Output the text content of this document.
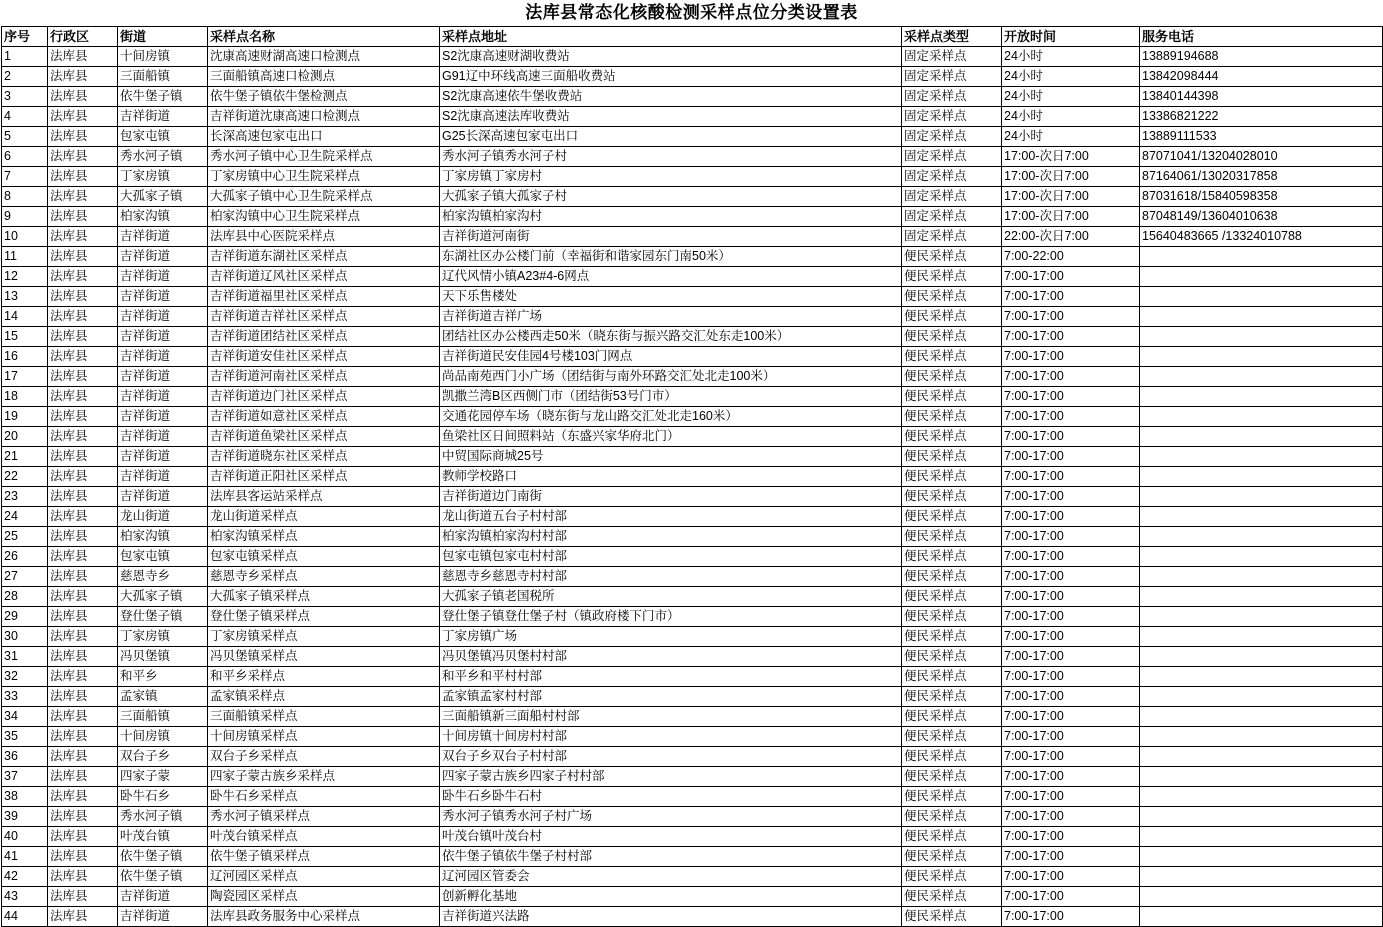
法库县常态化核酸检测采样点位分类设置表
序号	行政区	街道	采样点名称	采样点地址	采样点类型	开放时间	服务电话
1	法库县	十间房镇	沈康高速财湖高速口检测点	S2沈康高速财湖收费站	固定采样点	24小时	13889194688
2	法库县	三面船镇	三面船镇高速口检测点	G91辽中环线高速三面船收费站	固定采样点	24小时	13842098444
3	法库县	依牛堡子镇	依牛堡子镇依牛堡检测点	S2沈康高速依牛堡收费站	固定采样点	24小时	13840144398
4	法库县	吉祥街道	吉祥街道沈康高速口检测点	S2沈康高速法库收费站	固定采样点	24小时	13386821222
5	法库县	包家屯镇	长深高速包家屯出口	G25长深高速包家屯出口	固定采样点	24小时	13889111533
6	法库县	秀水河子镇	秀水河子镇中心卫生院采样点	秀水河子镇秀水河子村	固定采样点	17:00-次日7:00	87071041/13204028010
7	法库县	丁家房镇	丁家房镇中心卫生院采样点	丁家房镇丁家房村	固定采样点	17:00-次日7:00	87164061/13020317858
8	法库县	大孤家子镇	大孤家子镇中心卫生院采样点	大孤家子镇大孤家子村	固定采样点	17:00-次日7:00	87031618/15840598358
9	法库县	柏家沟镇	柏家沟镇中心卫生院采样点	柏家沟镇柏家沟村	固定采样点	17:00-次日7:00	87048149/13604010638
10	法库县	吉祥街道	法库县中心医院采样点	吉祥街道河南街	固定采样点	22:00-次日7:00	15640483665 /13324010788
11	法库县	吉祥街道	吉祥街道东湖社区采样点	东湖社区办公楼门前（幸福街和谐家园东门南50米）	便民采样点	7:00-22:00	
12	法库县	吉祥街道	吉祥街道辽风社区采样点	辽代风情小镇A23#4-6网点	便民采样点	7:00-17:00	
13	法库县	吉祥街道	吉祥街道福里社区采样点	天下乐售楼处	便民采样点	7:00-17:00	
14	法库县	吉祥街道	吉祥街道吉祥社区采样点	吉祥街道吉祥广场	便民采样点	7:00-17:00	
15	法库县	吉祥街道	吉祥街道团结社区采样点	团结社区办公楼西走50米（晓东街与振兴路交汇处东走100米）	便民采样点	7:00-17:00	
16	法库县	吉祥街道	吉祥街道安佳社区采样点	吉祥街道民安佳园4号楼103门网点	便民采样点	7:00-17:00	
17	法库县	吉祥街道	吉祥街道河南社区采样点	尚品南苑西门小广场（团结街与南外环路交汇处北走100米）	便民采样点	7:00-17:00	
18	法库县	吉祥街道	吉祥街道边门社区采样点	凯撒兰湾B区西侧门市（团结街53号门市）	便民采样点	7:00-17:00	
19	法库县	吉祥街道	吉祥街道如意社区采样点	交通花园停车场（晓东街与龙山路交汇处北走160米）	便民采样点	7:00-17:00	
20	法库县	吉祥街道	吉祥街道鱼梁社区采样点	鱼梁社区日间照料站（东盛兴家华府北门）	便民采样点	7:00-17:00	
21	法库县	吉祥街道	吉祥街道晓东社区采样点	中贸国际商城25号	便民采样点	7:00-17:00	
22	法库县	吉祥街道	吉祥街道正阳社区采样点	教师学校路口	便民采样点	7:00-17:00	
23	法库县	吉祥街道	法库县客运站采样点	吉祥街道边门南街	便民采样点	7:00-17:00	
24	法库县	龙山街道	龙山街道采样点	龙山街道五台子村村部	便民采样点	7:00-17:00	
25	法库县	柏家沟镇	柏家沟镇采样点	柏家沟镇柏家沟村村部	便民采样点	7:00-17:00	
26	法库县	包家屯镇	包家屯镇采样点	包家屯镇包家屯村村部	便民采样点	7:00-17:00	
27	法库县	慈恩寺乡	慈恩寺乡采样点	慈恩寺乡慈恩寺村村部	便民采样点	7:00-17:00	
28	法库县	大孤家子镇	大孤家子镇采样点	大孤家子镇老国税所	便民采样点	7:00-17:00	
29	法库县	登仕堡子镇	登仕堡子镇采样点	登仕堡子镇登仕堡子村（镇政府楼下门市）	便民采样点	7:00-17:00	
30	法库县	丁家房镇	丁家房镇采样点	丁家房镇广场	便民采样点	7:00-17:00	
31	法库县	冯贝堡镇	冯贝堡镇采样点	冯贝堡镇冯贝堡村村部	便民采样点	7:00-17:00	
32	法库县	和平乡	和平乡采样点	和平乡和平村村部	便民采样点	7:00-17:00	
33	法库县	孟家镇	孟家镇采样点	孟家镇孟家村村部	便民采样点	7:00-17:00	
34	法库县	三面船镇	三面船镇采样点	三面船镇新三面船村村部	便民采样点	7:00-17:00	
35	法库县	十间房镇	十间房镇采样点	十间房镇十间房村村部	便民采样点	7:00-17:00	
36	法库县	双台子乡	双台子乡采样点	双台子乡双台子村村部	便民采样点	7:00-17:00	
37	法库县	四家子蒙	四家子蒙古族乡采样点	四家子蒙古族乡四家子村村部	便民采样点	7:00-17:00	
38	法库县	卧牛石乡	卧牛石乡采样点	卧牛石乡卧牛石村	便民采样点	7:00-17:00	
39	法库县	秀水河子镇	秀水河子镇采样点	秀水河子镇秀水河子村广场	便民采样点	7:00-17:00	
40	法库县	叶茂台镇	叶茂台镇采样点	叶茂台镇叶茂台村	便民采样点	7:00-17:00	
41	法库县	依牛堡子镇	依牛堡子镇采样点	依牛堡子镇依牛堡子村村部	便民采样点	7:00-17:00	
42	法库县	依牛堡子镇	辽河园区采样点	辽河园区管委会	便民采样点	7:00-17:00	
43	法库县	吉祥街道	陶瓷园区采样点	创新孵化基地	便民采样点	7:00-17:00	
44	法库县	吉祥街道	法库县政务服务中心采样点	吉祥街道兴法路	便民采样点	7:00-17:00	
